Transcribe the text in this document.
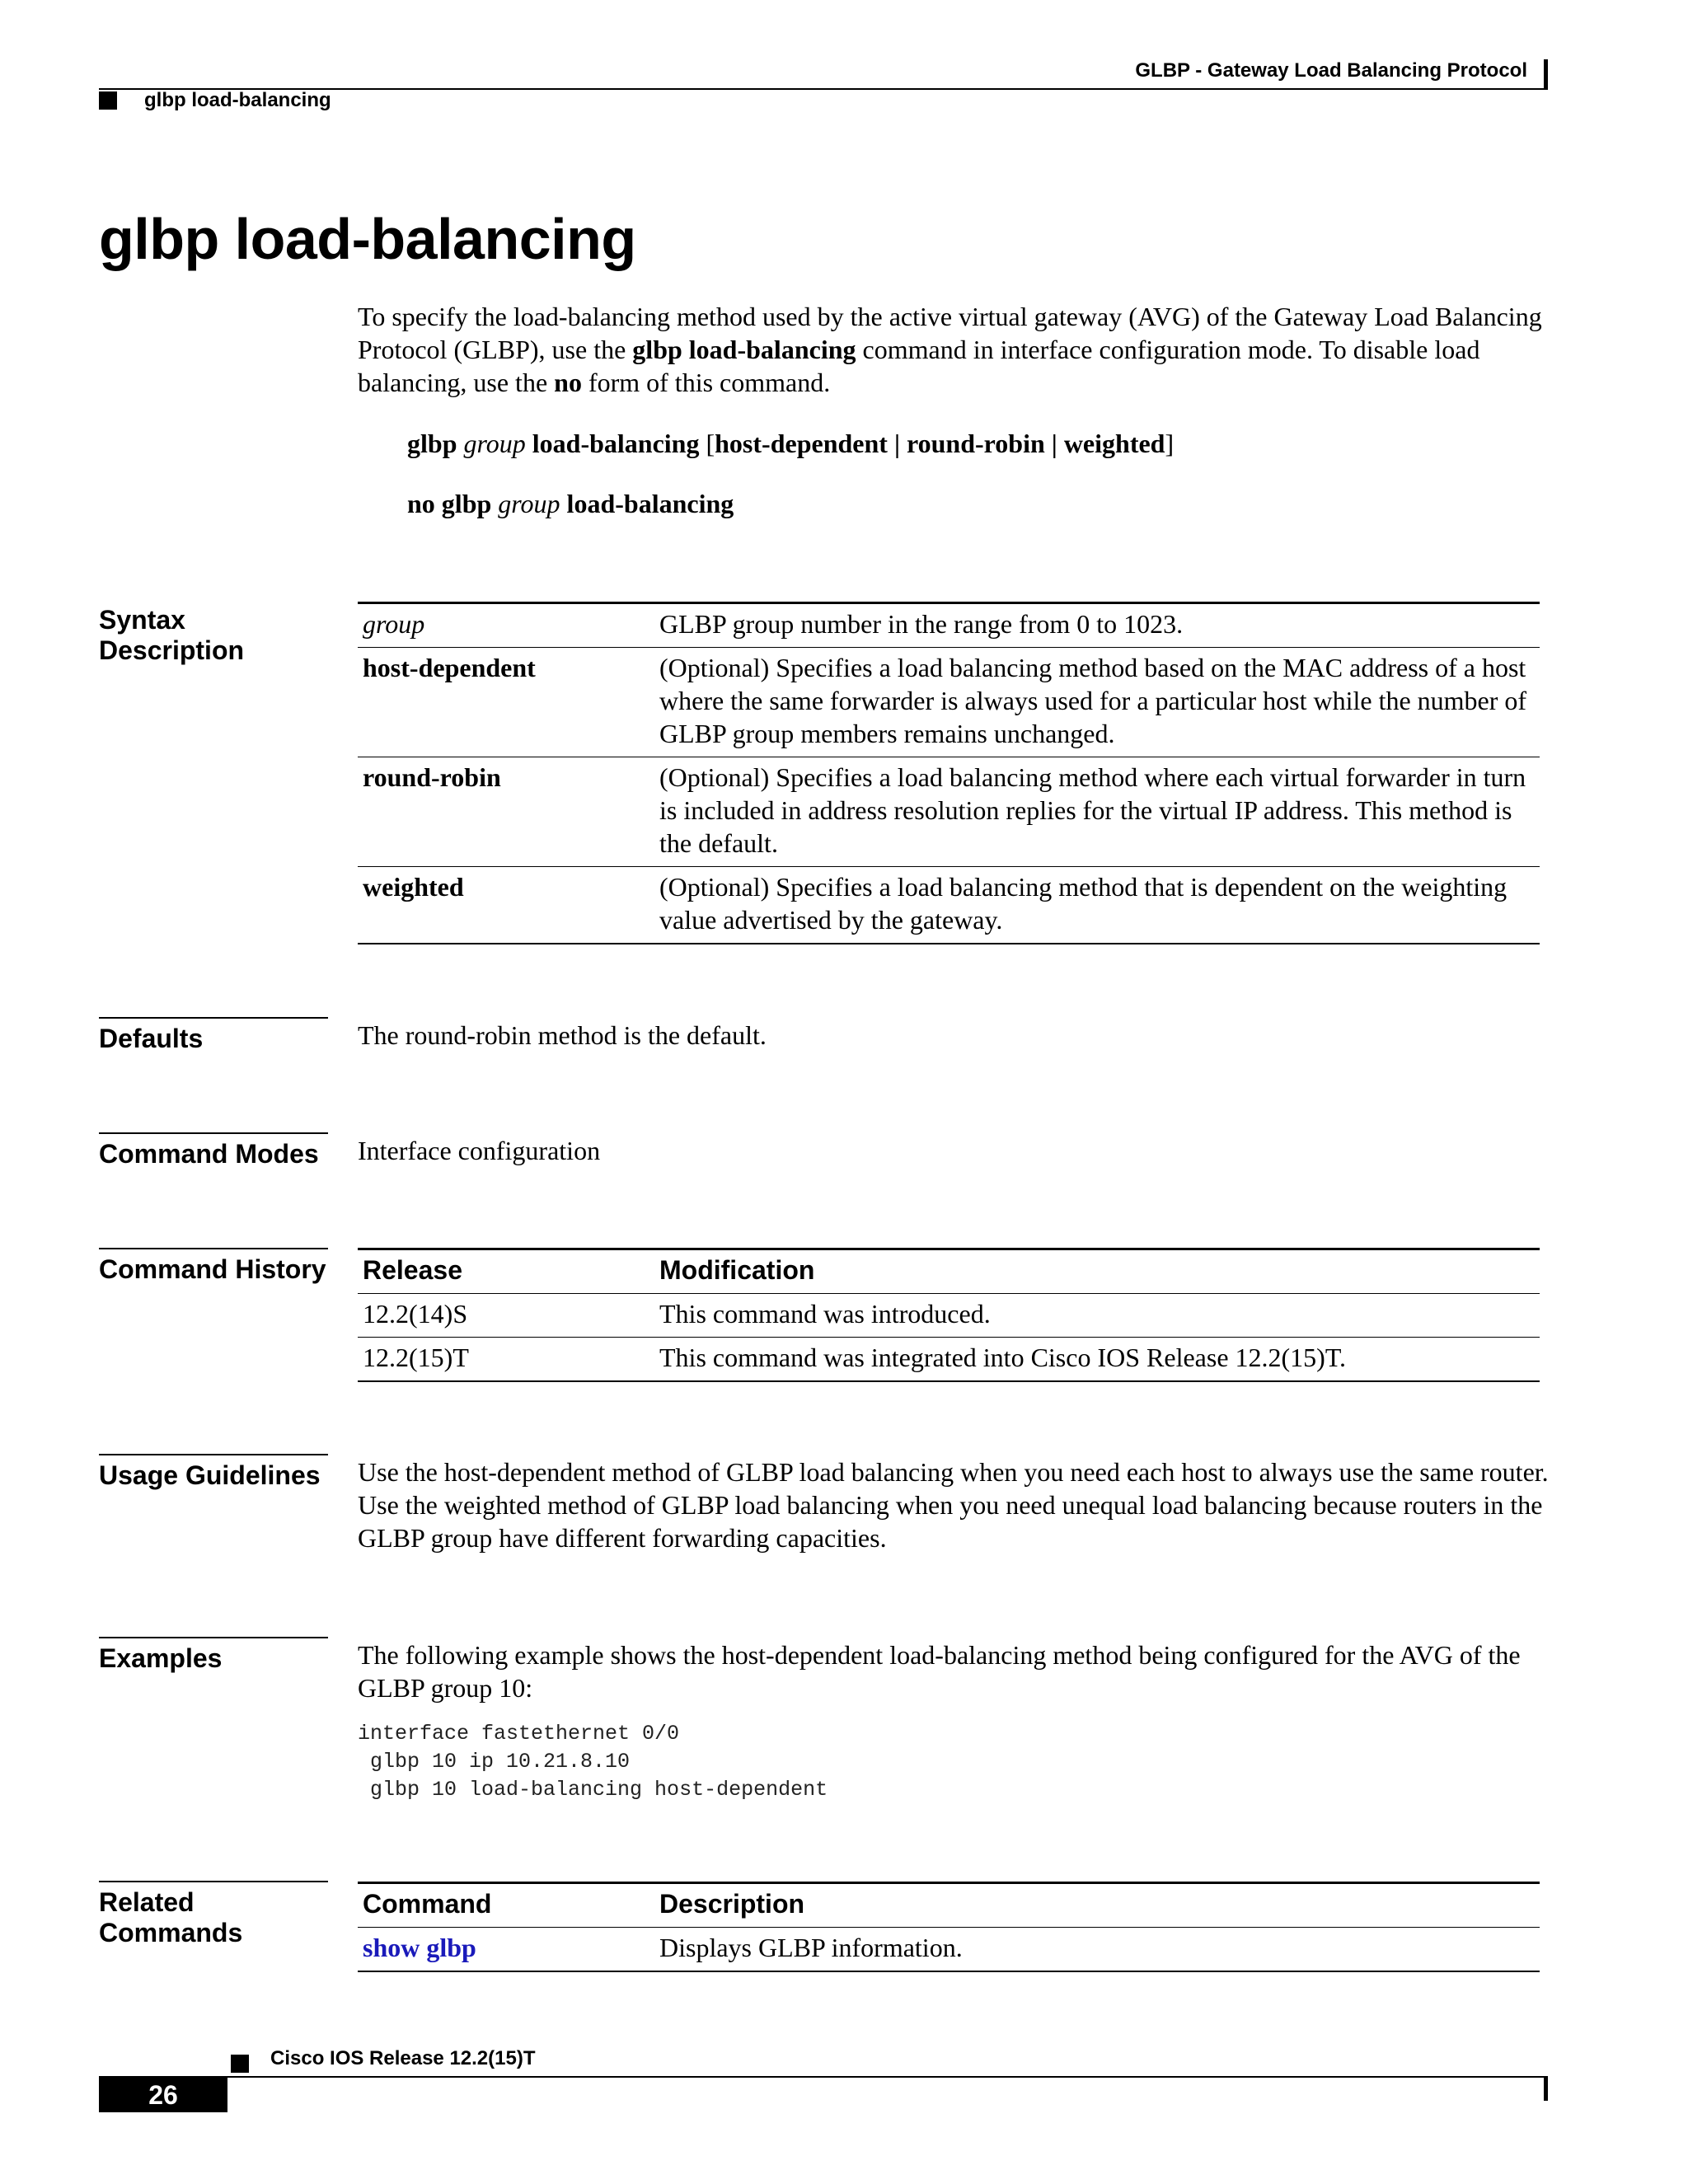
GLBP - Gateway Load Balancing Protocol
glbp load-balancing
glbp load-balancing
To specify the load-balancing method used by the active virtual gateway (AVG) of the Gateway Load Balancing Protocol (GLBP), use the glbp load-balancing command in interface configuration mode. To disable load balancing, use the no form of this command.
glbp group load-balancing [host-dependent | round-robin | weighted]
no glbp group load-balancing
Syntax Description
group	GLBP group number in the range from 0 to 1023.
host-dependent	(Optional) Specifies a load balancing method based on the MAC address of a host where the same forwarder is always used for a particular host while the number of GLBP group members remains unchanged.
round-robin	(Optional) Specifies a load balancing method where each virtual forwarder in turn is included in address resolution replies for the virtual IP address. This method is the default.
weighted	(Optional) Specifies a load balancing method that is dependent on the weighting value advertised by the gateway.
Defaults	The round-robin method is the default.
Command Modes	Interface configuration
Command History Release	Modification
12.2(14)S	This command was introduced.
12.2(15)T	This command was integrated into Cisco IOS Release 12.2(15)T.
Usage Guidelines Use the host-dependent method of GLBP load balancing when you need each host to always use the same router. Use the weighted method of GLBP load balancing when you need unequal load balancing because routers in the GLBP group have different forwarding capacities.
Examples	The following example shows the host-dependent load-balancing method being configured for the AVG of the GLBP group 10:
interface fastethernet 0/0
glbp 10 ip 10.21.8.10
glbp 10 load-balancing host-dependent
Related Commands
Command	Description
show glbp	Displays GLBP information.
Cisco IOS Release 12.2(15)T
26
